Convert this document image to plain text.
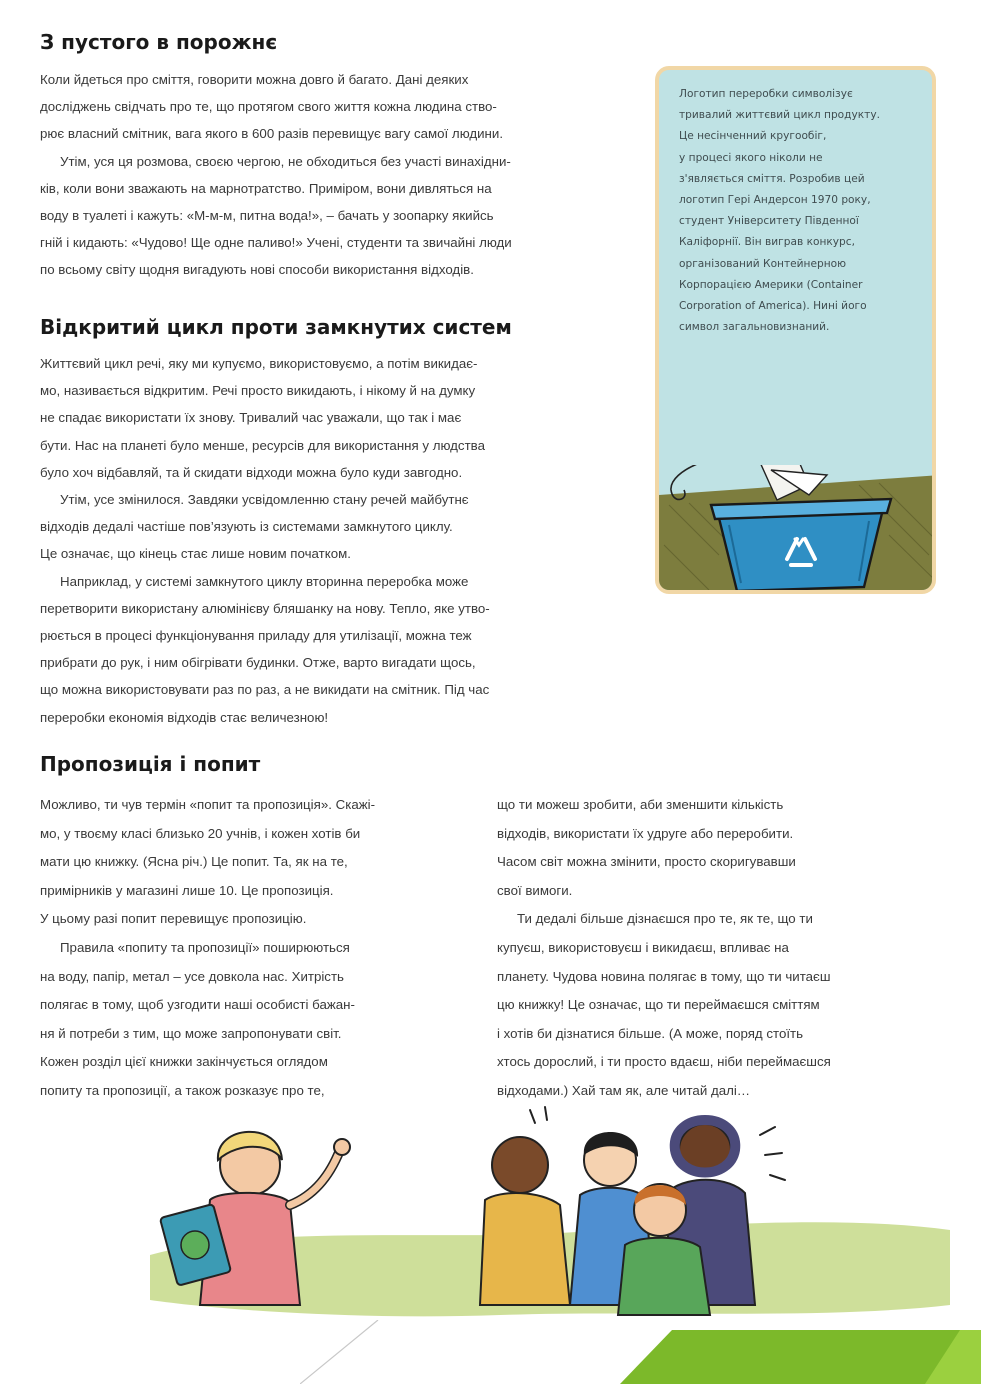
З пустого в порожнє
Коли йдеться про сміття, говорити можна довго й багато. Дані деяких
досліджень свідчать про те, що протягом свого життя кожна людина ство-
рює власний смітник, вага якого в 600 разів перевищує вагу самої людини.
Утім, уся ця розмова, своєю чергою, не обходиться без участі винахідни-
ків, коли вони зважають на марнотратство. Приміром, вони дивляться на
воду в туалеті і кажуть: «М-м-м, питна вода!», – бачать у зоопарку якийсь
гній і кидають: «Чудово! Ще одне паливо!» Учені, студенти та звичайні люди
по всьому світу щодня вигадують нові способи використання відходів.
Відкритий цикл проти замкнутих систем
Життєвий цикл речі, яку ми купуємо, використовуємо, а потім викидає-
мо, називається відкритим. Речі просто викидають, і нікому й на думку
не спадає використати їх знову. Тривалий час уважали, що так і має
бути. Нас на планеті було менше, ресурсів для використання у людства
було хоч відбавляй, та й скидати відходи можна було куди завгодно.
Утім, усе змінилося. Завдяки усвідомленню стану речей майбутнє
відходів дедалі частіше пов’язують із системами замкнутого циклу.
Це означає, що кінець стає лише новим початком.
Наприклад, у системі замкнутого циклу вторинна переробка може
перетворити використану алюмінієву бляшанку на нову. Тепло, яке утво-
рюється в процесі функціонування приладу для утилізації, можна теж
прибрати до рук, і ним обігрівати будинки. Отже, варто вигадати щось,
що можна використовувати раз по раз, а не викидати на смітник. Під час
переробки економія відходів стає величезною!
Логотип переробки символізує
тривалий життєвий цикл продукту.
Це несінченний кругообіг,
у процесі якого ніколи не
з'являється сміття. Розробив цей
логотип Гері Андерсон 1970 року,
студент Університету Південної
Каліфорнії. Він виграв конкурс,
організований Контейнерною
Корпорацією Америки (Container
Corporation of America). Нині його
символ загальновизнаний.
Пропозиція і попит
Можливо, ти чув термін «попит та пропозиція». Скажі-
мо, у твоєму класі близько 20 учнів, і кожен хотів би
мати цю книжку. (Ясна річ.) Це попит. Та, як на те,
примірників у магазині лише 10. Це пропозиція.
У цьому разі попит перевищує пропозицію.
Правила «попиту та пропозиції» поширюються
на воду, папір, метал – усе довкола нас. Хитрість
полягає в тому, щоб узгодити наші особисті бажан-
ня й потреби з тим, що може запропонувати світ.
Кожен розділ цієї книжки закінчується оглядом
попиту та пропозиції, а також розказує про те,
що ти можеш зробити, аби зменшити кількість
відходів, використати їх удруге або переробити.
Часом світ можна змінити, просто скоригувавши
свої вимоги.
Ти дедалі більше дізнаєшся про те, як те, що ти
купуєш, використовуєш і викидаєш, впливає на
планету. Чудова новина полягає в тому, що ти читаєш
цю книжку! Це означає, що ти переймаєшся сміттям
і хотів би дізнатися більше. (А може, поряд стоїть
хтось дорослий, і ти просто вдаєш, ніби переймаєшся
відходами.) Хай там як, але читай далі…
